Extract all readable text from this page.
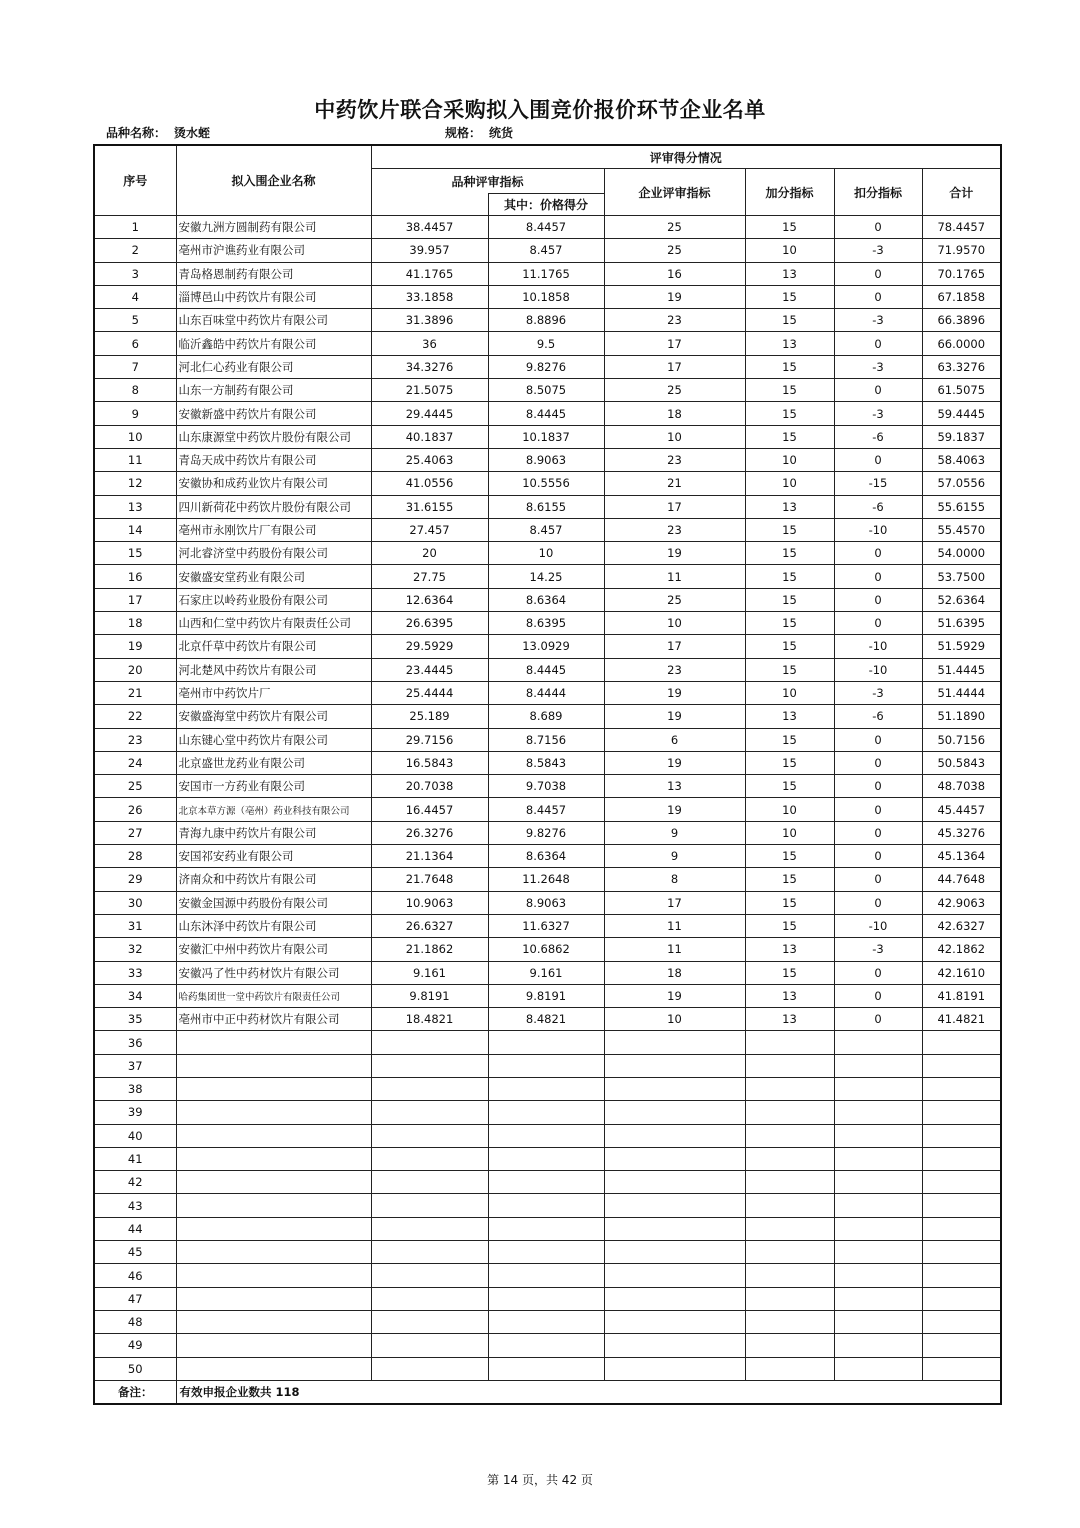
中药饮片联合采购拟入围竞价报价环节企业名单
品种名称： 烫水蛭	规格： 统货
序号	拟入围企业名称	评审得分情况					
		品种评审指标		企业评审指标	加分指标	扣分指标	合计
			其中：价格得分				
1	安徽九洲方圆制药有限公司	38.4457	8.4457	25	15	0	78.4457
2	亳州市沪谯药业有限公司	39.957	8.457	25	10	-3	71.9570
3	青岛格恩制药有限公司	41.1765	11.1765	16	13	0	70.1765
4	淄博邑山中药饮片有限公司	33.1858	10.1858	19	15	0	67.1858
5	山东百味堂中药饮片有限公司	31.3896	8.8896	23	15	-3	66.3896
6	临沂鑫皓中药饮片有限公司	36	9.5	17	13	0	66.0000
7	河北仁心药业有限公司	34.3276	9.8276	17	15	-3	63.3276
8	山东一方制药有限公司	21.5075	8.5075	25	15	0	61.5075
9	安徽新盛中药饮片有限公司	29.4445	8.4445	18	15	-3	59.4445
10	山东康源堂中药饮片股份有限公司	40.1837	10.1837	10	15	-6	59.1837
11	青岛天成中药饮片有限公司	25.4063	8.9063	23	10	0	58.4063
12	安徽协和成药业饮片有限公司	41.0556	10.5556	21	10	-15	57.0556
13	四川新荷花中药饮片股份有限公司	31.6155	8.6155	17	13	-6	55.6155
14	亳州市永刚饮片厂有限公司	27.457	8.457	23	15	-10	55.4570
15	河北睿济堂中药股份有限公司	20	10	19	15	0	54.0000
16	安徽盛安堂药业有限公司	27.75	14.25	11	15	0	53.7500
17	石家庄以岭药业股份有限公司	12.6364	8.6364	25	15	0	52.6364
18	山西和仁堂中药饮片有限责任公司	26.6395	8.6395	10	15	0	51.6395
19	北京仟草中药饮片有限公司	29.5929	13.0929	17	15	-10	51.5929
20	河北楚风中药饮片有限公司	23.4445	8.4445	23	15	-10	51.4445
21	亳州市中药饮片厂	25.4444	8.4444	19	10	-3	51.4444
22	安徽盛海堂中药饮片有限公司	25.189	8.689	19	13	-6	51.1890
23	山东键心堂中药饮片有限公司	29.7156	8.7156	6	15	0	50.7156
24	北京盛世龙药业有限公司	16.5843	8.5843	19	15	0	50.5843
25	安国市一方药业有限公司	20.7038	9.7038	13	15	0	48.7038
26	北京本草方源（亳州）药业科技有限公司	16.4457	8.4457	19	10	0	45.4457
27	青海九康中药饮片有限公司	26.3276	9.8276	9	10	0	45.3276
28	安国祁安药业有限公司	21.1364	8.6364	9	15	0	45.1364
29	济南众和中药饮片有限公司	21.7648	11.2648	8	15	0	44.7648
30	安徽金国源中药股份有限公司	10.9063	8.9063	17	15	0	42.9063
31	山东沐泽中药饮片有限公司	26.6327	11.6327	11	15	-10	42.6327
32	安徽汇中州中药饮片有限公司	21.1862	10.6862	11	13	-3	42.1862
33	安徽冯了性中药材饮片有限公司	9.161	9.161	18	15	0	42.1610
34	哈药集团世一堂中药饮片有限责任公司	9.8191	9.8191	19	13	0	41.8191
35	亳州市中正中药材饮片有限公司	18.4821	8.4821	10	13	0	41.4821
36							
37							
38							
39							
40							
41							
42							
43							
44							
45							
46							
47							
48							
49							
50							
备注：	有效申报企业数共 118						
第 14 页，共 42 页
